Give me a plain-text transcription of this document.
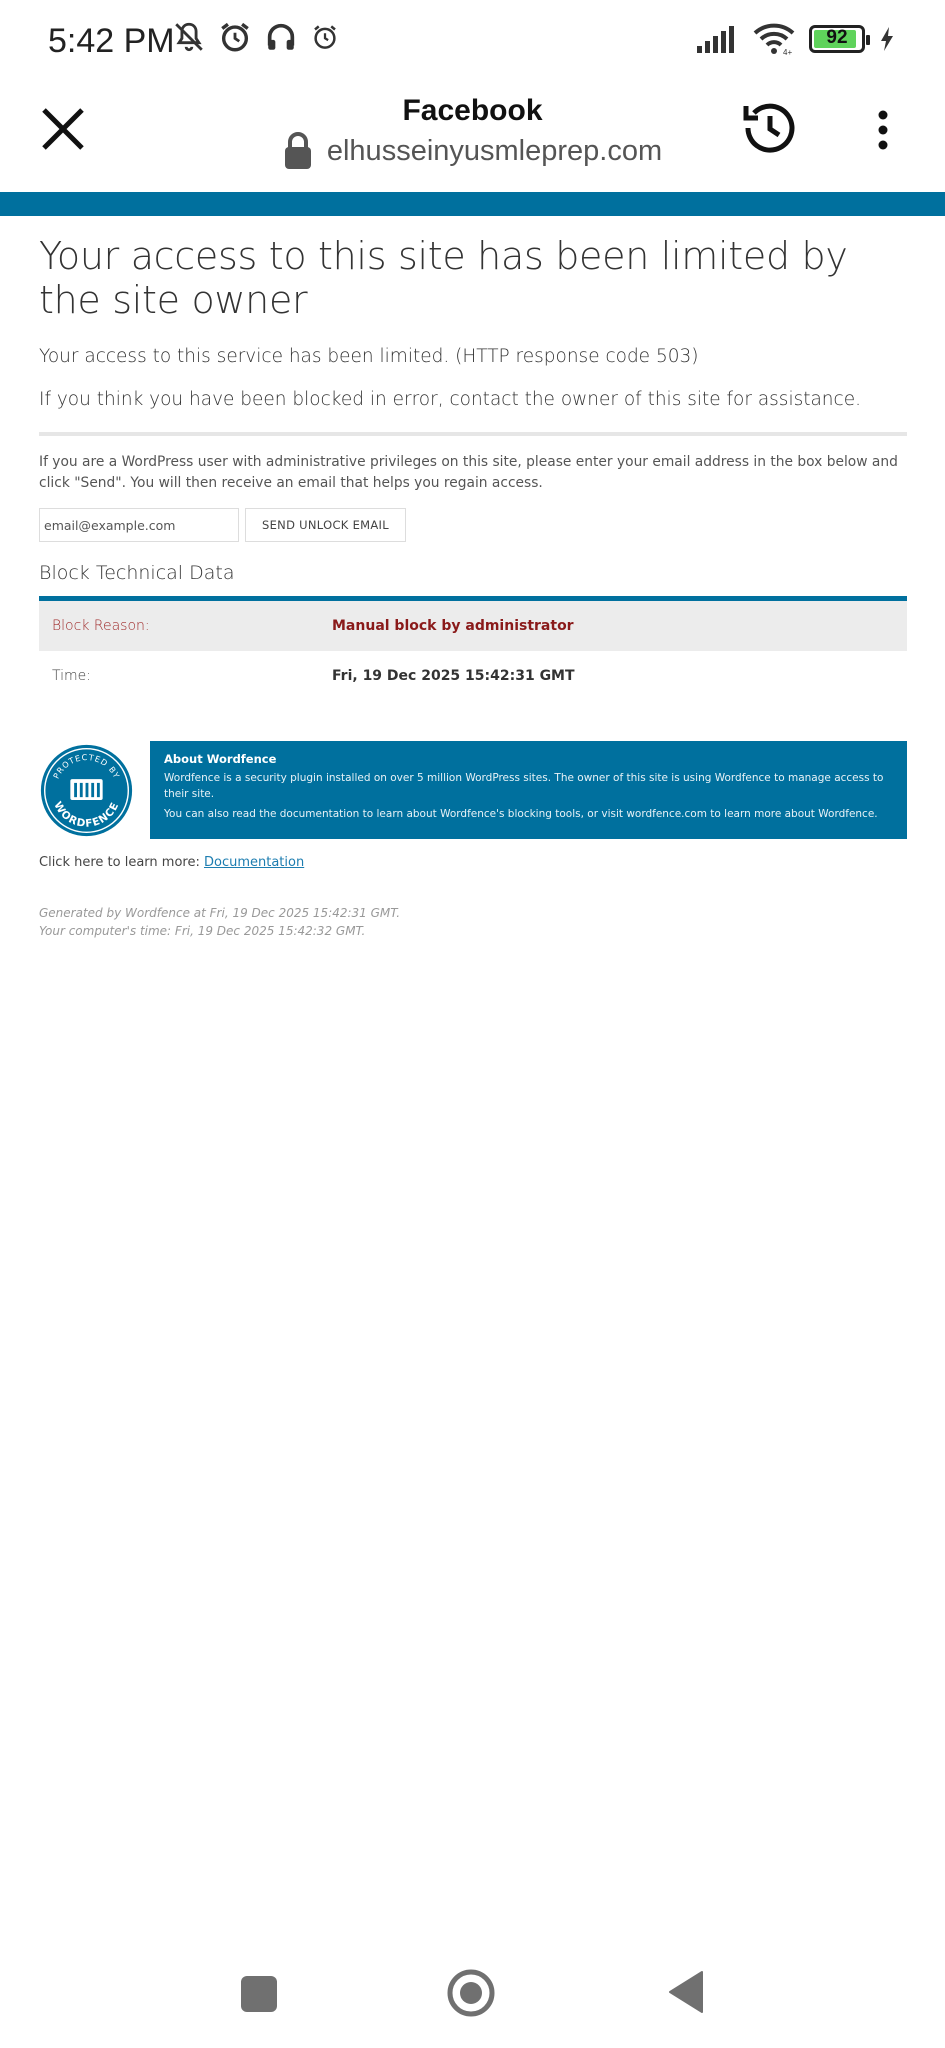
5:42 PM	4+
92
Facebook
elhusseinyusmleprep.com
Your access to this site has been limited by the site owner

Your access to this service has been limited. (HTTP response code 503)

If you think you have been blocked in error, contact the owner of this site for assistance.

If you are a WordPress user with administrative privileges on this site, please enter your email address in the box below and click "Send". You will then receive an email that helps you regain access.

email@example.com
SEND UNLOCK EMAIL
Block Technical Data
Block Reason:	Manual block by administrator
Time:	Fri, 19 Dec 2025 15:42:31 GMT
PROTECTED BY
WORDFENCE
About Wordfence
Wordfence is a security plugin installed on over 5 million WordPress sites. The owner of this site is using Wordfence to manage access to their site.
You can also read the documentation to learn about Wordfence's blocking tools, or visit wordfence.com to learn more about Wordfence.
Click here to learn more: Documentation
Generated by Wordfence at Fri, 19 Dec 2025 15:42:31 GMT.
Your computer's time: Fri, 19 Dec 2025 15:42:32 GMT.
